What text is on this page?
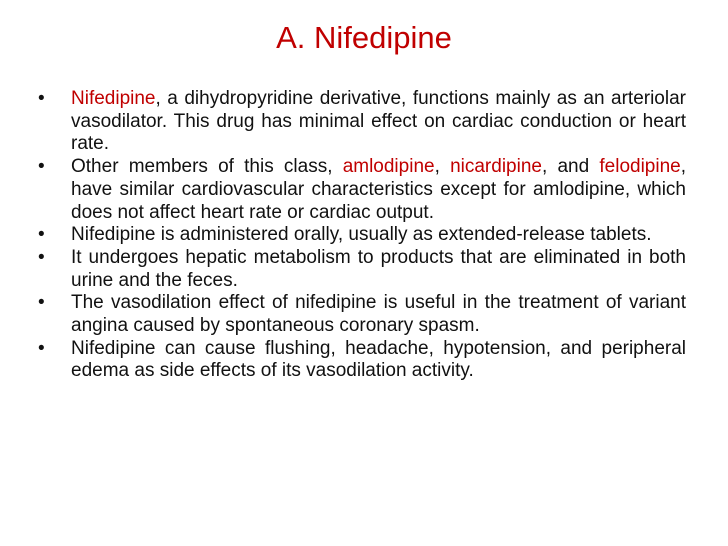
A. Nifedipine
•	Nifedipine, a dihydropyridine derivative, functions mainly as an arteriolar vasodilator. This drug has minimal effect on cardiac conduction or heart rate.
•	Other members of this class, amlodipine, nicardipine, and felodipine, have similar cardiovascular characteristics except for amlodipine, which does not affect heart rate or cardiac output.
•	Nifedipine is administered orally, usually as extended-release tablets.
•	It undergoes hepatic metabolism to products that are eliminated in both urine and the feces.
•	The vasodilation effect of nifedipine is useful in the treatment of variant angina caused by spontaneous coronary spasm.
•	Nifedipine can cause flushing, headache, hypotension, and peripheral edema as side effects of its vasodilation activity.
